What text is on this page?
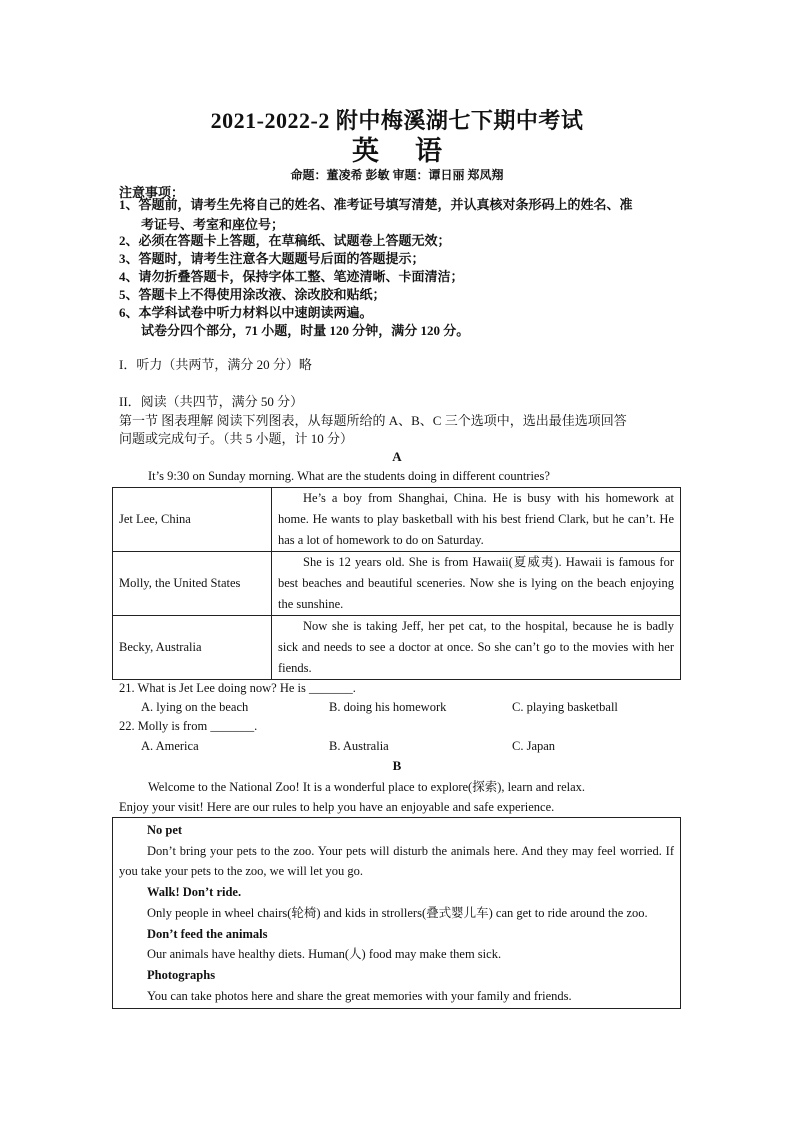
2021-2022-2 附中梅溪湖七下期中考试
英语
命题：董凌希 彭敏 审题：谭日丽 郑凤翔
注意事项：
1、答题前，请考生先将自己的姓名、准考证号填写清楚，并认真核对条形码上的姓名、准
考证号、考室和座位号；
2、必须在答题卡上答题，在草稿纸、试题卷上答题无效；
3、答题时，请考生注意各大题题号后面的答题提示；
4、请勿折叠答题卡，保持字体工整、笔迹清晰、卡面清洁；
5、答题卡上不得使用涂改液、涂改胶和贴纸；
6、本学科试卷中听力材料以中速朗读两遍。
试卷分四个部分，71 小题，时量 120 分钟，满分 120 分。
I．听力（共两节，满分 20 分）略
II．阅读（共四节，满分 50 分）
第一节 图表理解 阅读下列图表，从每题所给的 A、B、C 三个选项中，选出最佳选项回答
问题或完成句子。（共 5 小题，计 10 分）
A
It’s 9:30 on Sunday morning. What are the students doing in different countries?
Jet Lee, China	He’s a boy from Shanghai, China. He is busy with his homework at home. He wants to play basketball with his best friend Clark, but he can’t. He has a lot of homework to do on Saturday.
Molly, the United States	She is 12 years old. She is from Hawaii(夏威夷). Hawaii is famous for best beaches and beautiful sceneries. Now she is lying on the beach enjoying the sunshine.
Becky, Australia	Now she is taking Jeff, her pet cat, to the hospital, because he is badly sick and needs to see a doctor at once. So she can’t go to the movies with her fiends.
21. What is Jet Lee doing now? He is _______.
A. lying on the beach	B. doing his homework	C. playing basketball
22. Molly is from _______.
A. America	B. Australia	C. Japan
B
Welcome to the National Zoo! It is a wonderful place to explore(探索), learn and relax.
Enjoy your visit! Here are our rules to help you have an enjoyable and safe experience.
No pet
Don’t bring your pets to the zoo. Your pets will disturb the animals here. And they may feel worried. If you take your pets to the zoo, we will let you go.
Walk! Don’t ride.
Only people in wheel chairs(轮椅) and kids in strollers(叠式婴儿车) can get to ride around the zoo.
Don’t feed the animals
Our animals have healthy diets. Human(人) food may make them sick.
Photographs
You can take photos here and share the great memories with your family and friends.
